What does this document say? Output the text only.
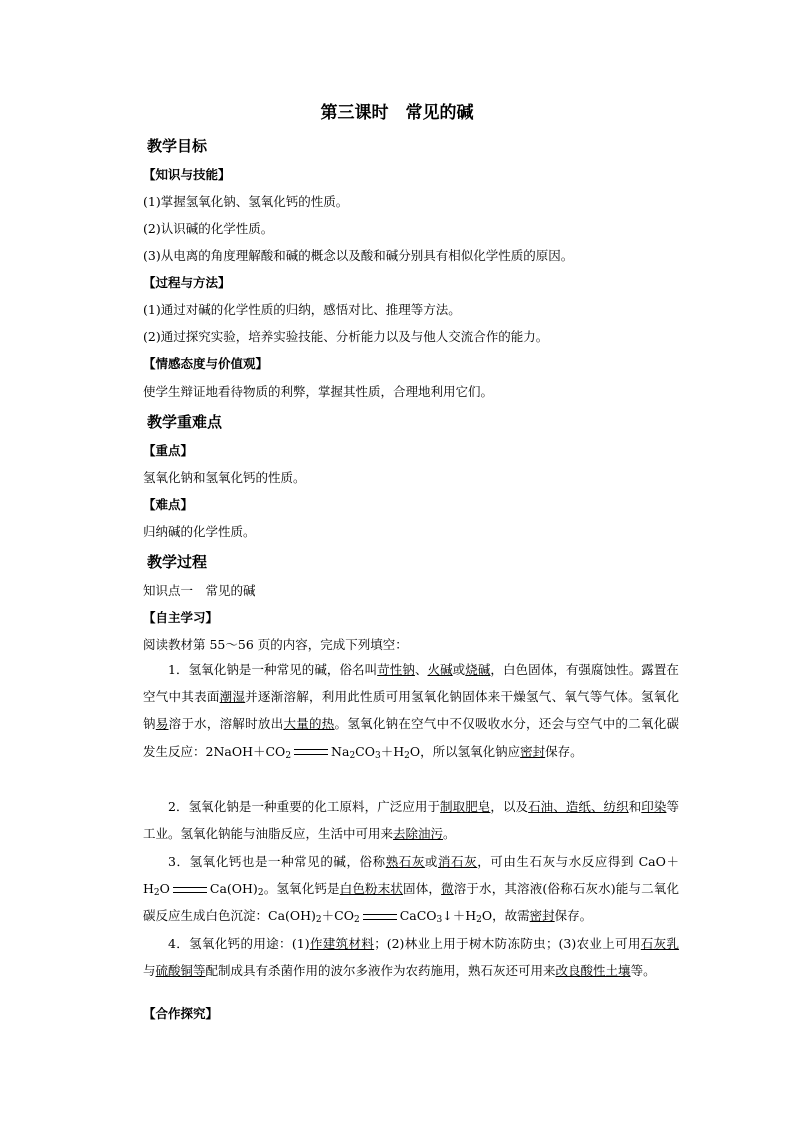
第三课时　常见的碱
教学目标
【知识与技能】
(1)掌握氢氧化钠、氢氧化钙的性质。
(2)认识碱的化学性质。
(3)从电离的角度理解酸和碱的概念以及酸和碱分别具有相似化学性质的原因。
【过程与方法】
(1)通过对碱的化学性质的归纳，感悟对比、推理等方法。
(2)通过探究实验，培养实验技能、分析能力以及与他人交流合作的能力。
【情感态度与价值观】
使学生辩证地看待物质的利弊，掌握其性质，合理地利用它们。
教学重难点
【重点】
氢氧化钠和氢氧化钙的性质。
【难点】
归纳碱的化学性质。
教学过程
知识点一　常见的碱
【自主学习】
阅读教材第 55～56 页的内容，完成下列填空：
1．氢氧化钠是一种常见的碱，俗名叫苛性钠、火碱或烧碱，白色固体，有强腐蚀性。露置在空气中其表面潮湿并逐渐溶解，利用此性质可用氢氧化钠固体来干燥氢气、氧气等气体。氢氧化钠易溶于水，溶解时放出大量的热。氢氧化钠在空气中不仅吸收水分，还会与空气中的二氧化碳发生反应：$2NaOH+CO_2$	$Na_2CO_3+H_2O$，所以氢氧化钠应密封保存。
2．氢氧化钠是一种重要的化工原料，广泛应用于制取肥皂，以及石油、造纸、纺织和印染等工业。氢氧化钠能与油脂反应，生活中可用来去除油污。
3．氢氧化钙也是一种常见的碱，俗称熟石灰或消石灰，可由生石灰与水反应得到 $CaO+H_2O$	$Ca(OH)_2$。氢氧化钙是白色粉末状固体，微溶于水，其溶液(俗称石灰水)能与二氧化碳反应生成白色沉淀：$Ca(OH)_2+CO_2$	$CaCO_3↓+H_2O$，故需密封保存。
4．氢氧化钙的用途：(1)作建筑材料；(2)林业上用于树木防冻防虫；(3)农业上可用石灰乳与硫酸铜等配制成具有杀菌作用的波尔多液作为农药施用，熟石灰还可用来改良酸性土壤等。
【合作探究】
